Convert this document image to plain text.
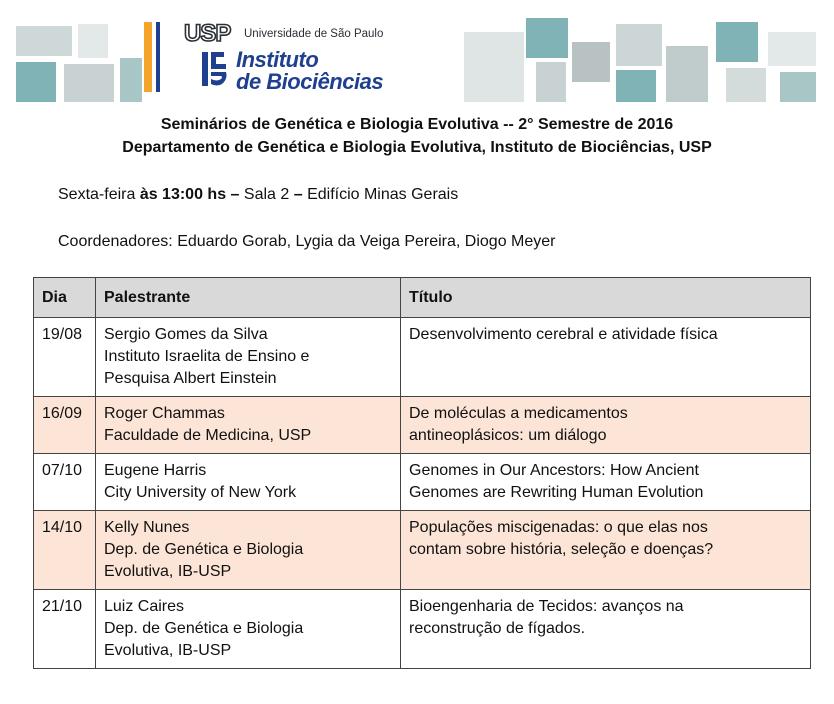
USP Universidade de São Paulo
Instituto
de Biociências
Seminários de Genética e Biologia Evolutiva -- 2° Semestre de 2016
Departamento de Genética e Biologia Evolutiva, Instituto de Biociências, USP
Sexta-feira às 13:00 hs – Sala 2 – Edifício Minas Gerais
Coordenadores: Eduardo Gorab, Lygia da Veiga Pereira, Diogo Meyer
Dia	Palestrante	Título
19/08	Sergio Gomes da Silva
Instituto Israelita de Ensino e
Pesquisa Albert Einstein	Desenvolvimento cerebral e atividade física

16/09	Roger Chammas
Faculdade de Medicina, USP	De moléculas a medicamentos
antineoplásicos: um diálogo

07/10	Eugene Harris
City University of New York	Genomes in Our Ancestors: How Ancient
Genomes are Rewriting Human Evolution

14/10	Kelly Nunes
Dep. de Genética e Biologia
Evolutiva, IB-USP	Populações miscigenadas: o que elas nos
contam sobre história, seleção e doenças?

21/10	Luiz Caires
Dep. de Genética e Biologia
Evolutiva, IB-USP	Bioengenharia de Tecidos: avanços na
reconstrução de fígados.
